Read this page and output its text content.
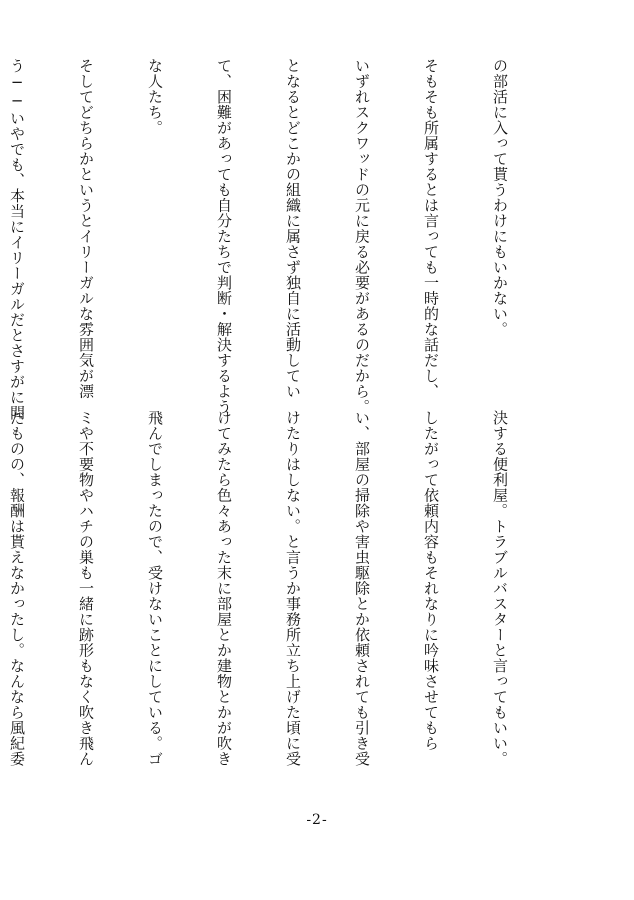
の部活に入って貰うわけにもいかない。

そもそも所属するとは言っても一時的な話だし、

いずれスクワッドの元に戻る必要があるのだから。

となるとどこかの組織に属さず独自に活動してい

て、困難があっても自分たちで判断・解決するよう

な人たち。

そしてどちらかというとイリーガルな雰囲気が漂

う──いやでも、本当にイリーガルだとさすがに問

決する便利屋。トラブルバスターと言ってもいい。

したがって依頼内容もそれなりに吟味させてもら

い、部屋の掃除や害虫駆除とか依頼されても引き受

けたりはしない。と言うか事務所立ち上げた頃に受

けてみたら色々あった末に部屋とか建物とかが吹き

飛んでしまったので、受けないことにしている。ゴ

ミや不要物やハチの巣も一緒に跡形もなく吹き飛ん

だものの、報酬は貰えなかったし。なんなら風紀委

-2-
